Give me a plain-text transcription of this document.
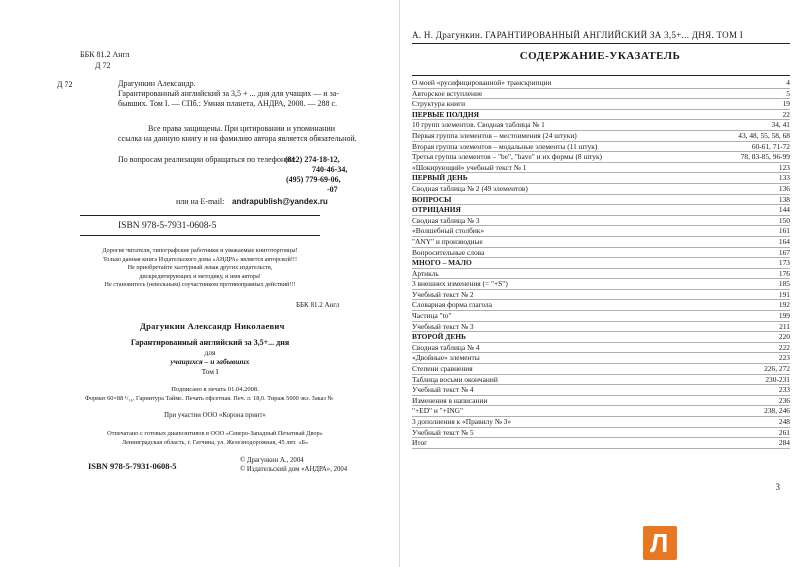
ББК 81.2 Англ
Д 72
Д 72	Драгункин Александр.
Гарантированный английский за 3,5 + ... дня для учащих — и за-
бывших. Том I. — СПб.: Умная планета, АНДРА, 2008. — 288 с.
Все права защищены. При цитировании и упоминании
ссылка на данную книгу и на фамилию автора является обязательной.
По вопросам реализации обращаться по телефонам:
(812) 274-18-12,
740-46-34,
(495) 779-69-06,
-07
или на E-mail: andrapublish@yandex.ru
ISBN 978-5-7931-0608-5
Дорогие читатели, типографские работники и уважаемые книготорговцы!
Только данная книга Издательского дома «АНДРА» является авторской!!!
Не приобретайте халтурный левак других издательств,
дискредитирующих и методику, и имя автора!
Не становитесь (невольным) соучастником противоправных действий!!!
ББК 81.2 Англ
Драгункин Александр Николаевич
Гарантированный английский за 3,5+... дня
для
учащихся – и забывших
Том I
Подписано в печать 01.04.2008.
Формат 60×88 ¹/₁₆. Гарнитура Таймс. Печать офсетная. Печ. л. 18,0. Тираж 5000 экз. Заказ №
При участии ООО «Корона принт»
Отпечатано с готовых диапозитивов в ООО «Северо-Западный Печатный Двор»
Ленинградская область, г. Гатчина, ул. Железнодорожная, 45 лит. «Б»
© Драгункин А., 2004
© Издательский дом «АНДРА», 2004
ISBN 978-5-7931-0608-5
А. Н. Драгункин. ГАРАНТИРОВАННЫЙ АНГЛИЙСКИЙ ЗА 3,5+... ДНЯ. ТОМ I
СОДЕРЖАНИЕ-УКАЗАТЕЛЬ
О моей «русифицированной» транскрипции	4
Авторское вступление	5
Структура книги	19
ПЕРВЫЕ ПОЛДНЯ	22
10 групп элементов. Сводная таблица № 1	34, 41
Первая группа элементов – местоимения (24 штуки)	43, 48, 55, 58, 68
Вторая группа элементов – модальные элементы (11 штук)	60-61, 71-72
Третья группа элементов – "be", "have" и их формы (8 штук)	78, 83-85, 96-99
«Шокирующий» учебный текст № 1	123
ПЕРВЫЙ ДЕНЬ	133
Сводная таблица № 2 (49 элементов)	136
ВОПРОСЫ	138
ОТРИЦАНИЯ	144
Сводная таблица № 3	150
«Волшебный столбик»	161
"ANY" и производные	164
Вопросительные слова	167
МНОГО – МАЛО	173
Артикль	176
3 внешних изменения (= "+S")	185
Учебный текст № 2	191
Словарная форма глагола	192
Частица "to"	199
Учебный текст № 3	211
ВТОРОЙ ДЕНЬ	220
Сводная таблица № 4	222
«Двойные» элементы	223
Степени сравнения	226, 272
Таблица восьми окончаний	230-231
Учебный текст № 4	233
Изменения в написании	236
"+ED" и "+ING"	238, 246
3 дополнения к «Правилу № 3»	248
Учебный текст № 5	261
Итог	284
3
Л
